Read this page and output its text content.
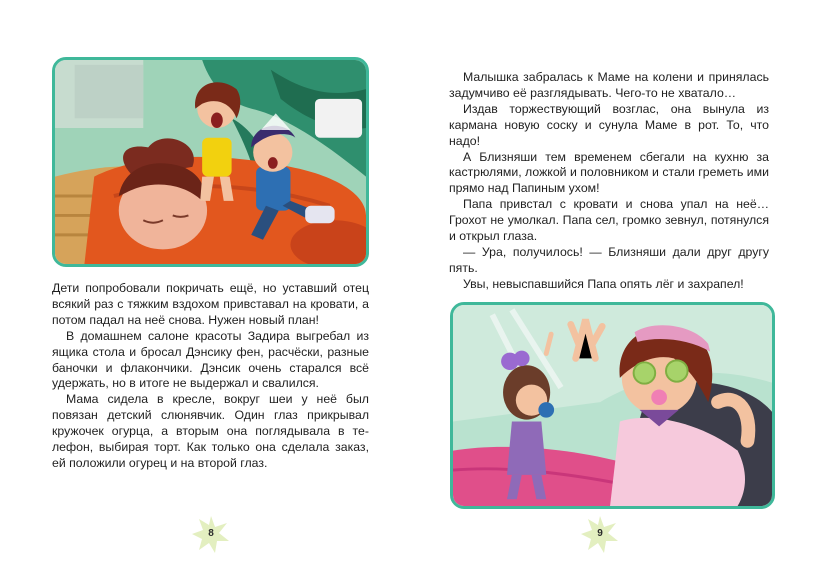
Дети попробовали покричать ещё, но уставший отец всякий раз с тяжким вздохом привставал на кровати, а потом падал на неё снова. Нужен новый план!

В домашнем салоне красоты Задира выгребал из ящика стола и бросал Дэнсику фен, расчёски, разные баночки и флакончики. Дэнсик очень старался всё удержать, но в итоге не выдержал и свалился.

Мама сидела в кресле, вокруг шеи у неё был повязан детский слюнявчик. Один глаз прикрывал кружочек огурца, а вторым она поглядывала в телефон, выбирая торт. Как только она сделала заказ, ей положили огурец и на второй глаз.

8

Малышка забралась к Маме на колени и принялась задумчиво её разглядывать. Чего-то не хватало…

Издав торжествующий возглас, она вынула из кармана новую соску и сунула Маме в рот. То, что надо!

А Близняши тем временем сбегали на кухню за кастрюлями, ложкой и половником и стали греметь ими прямо над Папиным ухом!

Папа привстал с кровати и снова упал на неё… Грохот не умолкал. Папа сел, громко зевнул, потянулся и открыл глаза.

— Ура, получилось! — Близняши дали друг другу пять.

Увы, невыспавшийся Папа опять лёг и захрапел!

9
